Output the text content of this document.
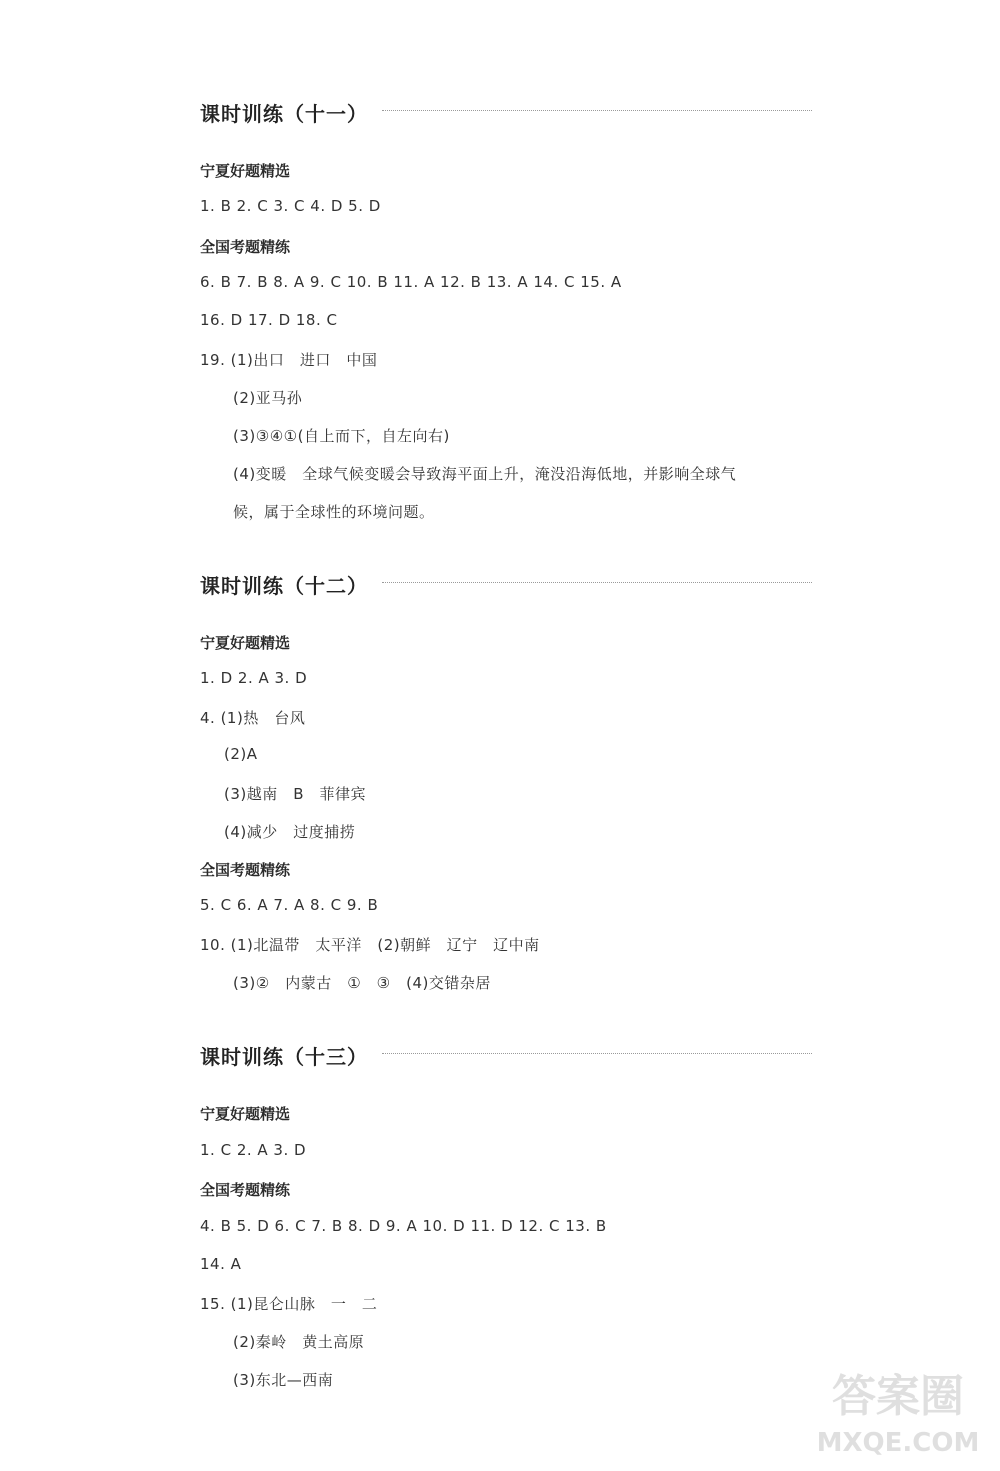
课时训练（十一）
宁夏好题精选
1. B 2. C 3. C 4. D 5. D
全国考题精练
6. B 7. B 8. A 9. C 10. B 11. A 12. B 13. A 14. C 15. A
16. D 17. D 18. C
19. (1)出口　进口　中国
(2)亚马孙
(3)③④①(自上而下，自左向右)
(4)变暖　全球气候变暖会导致海平面上升，淹没沿海低地，并影响全球气
候，属于全球性的环境问题。
课时训练（十二）
宁夏好题精选
1. D 2. A 3. D
4. (1)热　台风
(2)A
(3)越南　B　菲律宾
(4)减少　过度捕捞
全国考题精练
5. C 6. A 7. A 8. C 9. B
10. (1)北温带　太平洋　(2)朝鲜　辽宁　辽中南
(3)②　内蒙古　①　③　(4)交错杂居
课时训练（十三）
宁夏好题精选
1. C 2. A 3. D
全国考题精练
4. B 5. D 6. C 7. B 8. D 9. A 10. D 11. D 12. C 13. B
14. A
15. (1)昆仑山脉　一　二
(2)秦岭　黄土高原
(3)东北—西南	答案圈
MXQE.COM
